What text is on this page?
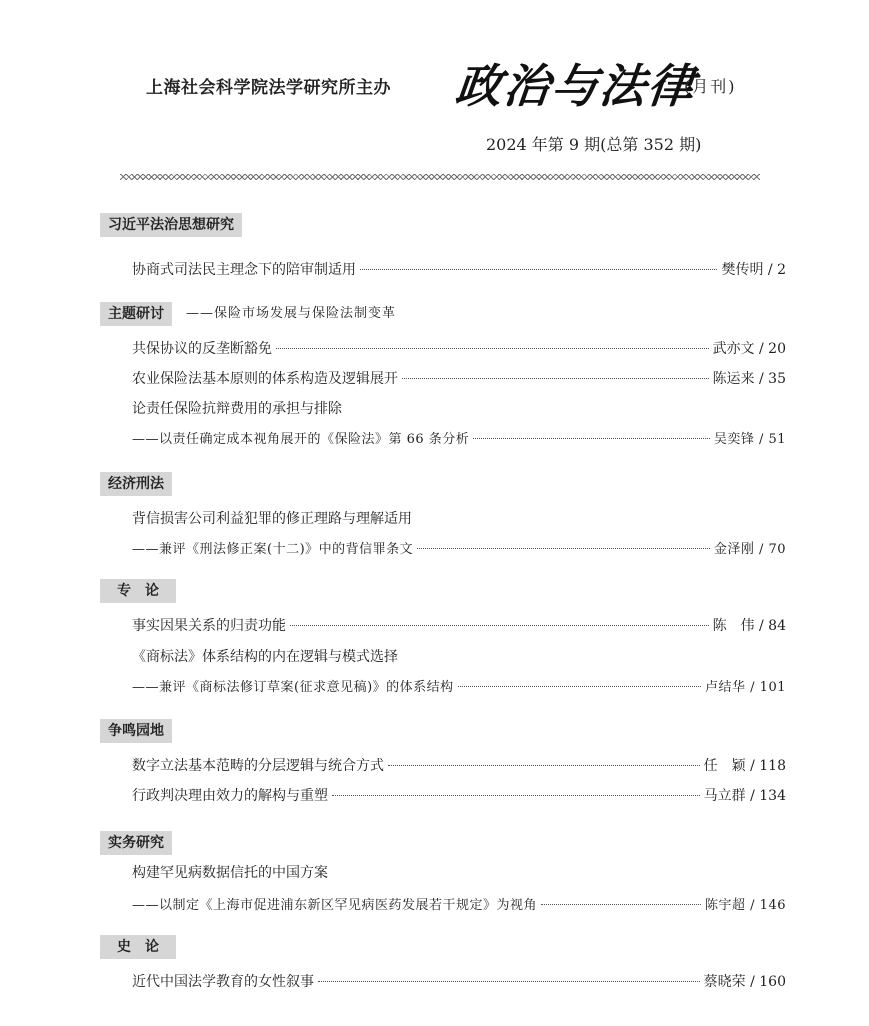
上海社会科学院法学研究所主办 政治与法律
(月刊)
2024 年第 9 期(总第 352 期)
习近平法治思想研究
协商式司法民主理念下的陪审制适用	樊传明 / 2
主题研讨	——保险市场发展与保险法制变革
共保协议的反垄断豁免	武亦文 / 20
农业保险法基本原则的体系构造及逻辑展开	陈运来 / 35
论责任保险抗辩费用的承担与排除
——以责任确定成本视角展开的《保险法》第 66 条分析	吴奕锋 / 51
经济刑法
背信损害公司利益犯罪的修正理路与理解适用
——兼评《刑法修正案(十二)》中的背信罪条文	金泽刚 / 70
专　论
事实因果关系的归责功能	陈　伟 / 84
《商标法》体系结构的内在逻辑与模式选择
——兼评《商标法修订草案(征求意见稿)》的体系结构	卢结华 / 101
争鸣园地
数字立法基本范畴的分层逻辑与统合方式	任　颖 / 118
行政判决理由效力的解构与重塑	马立群 / 134
实务研究
构建罕见病数据信托的中国方案
——以制定《上海市促进浦东新区罕见病医药发展若干规定》为视角	陈宇超 / 146
史　论
近代中国法学教育的女性叙事	蔡晓荣 / 160
